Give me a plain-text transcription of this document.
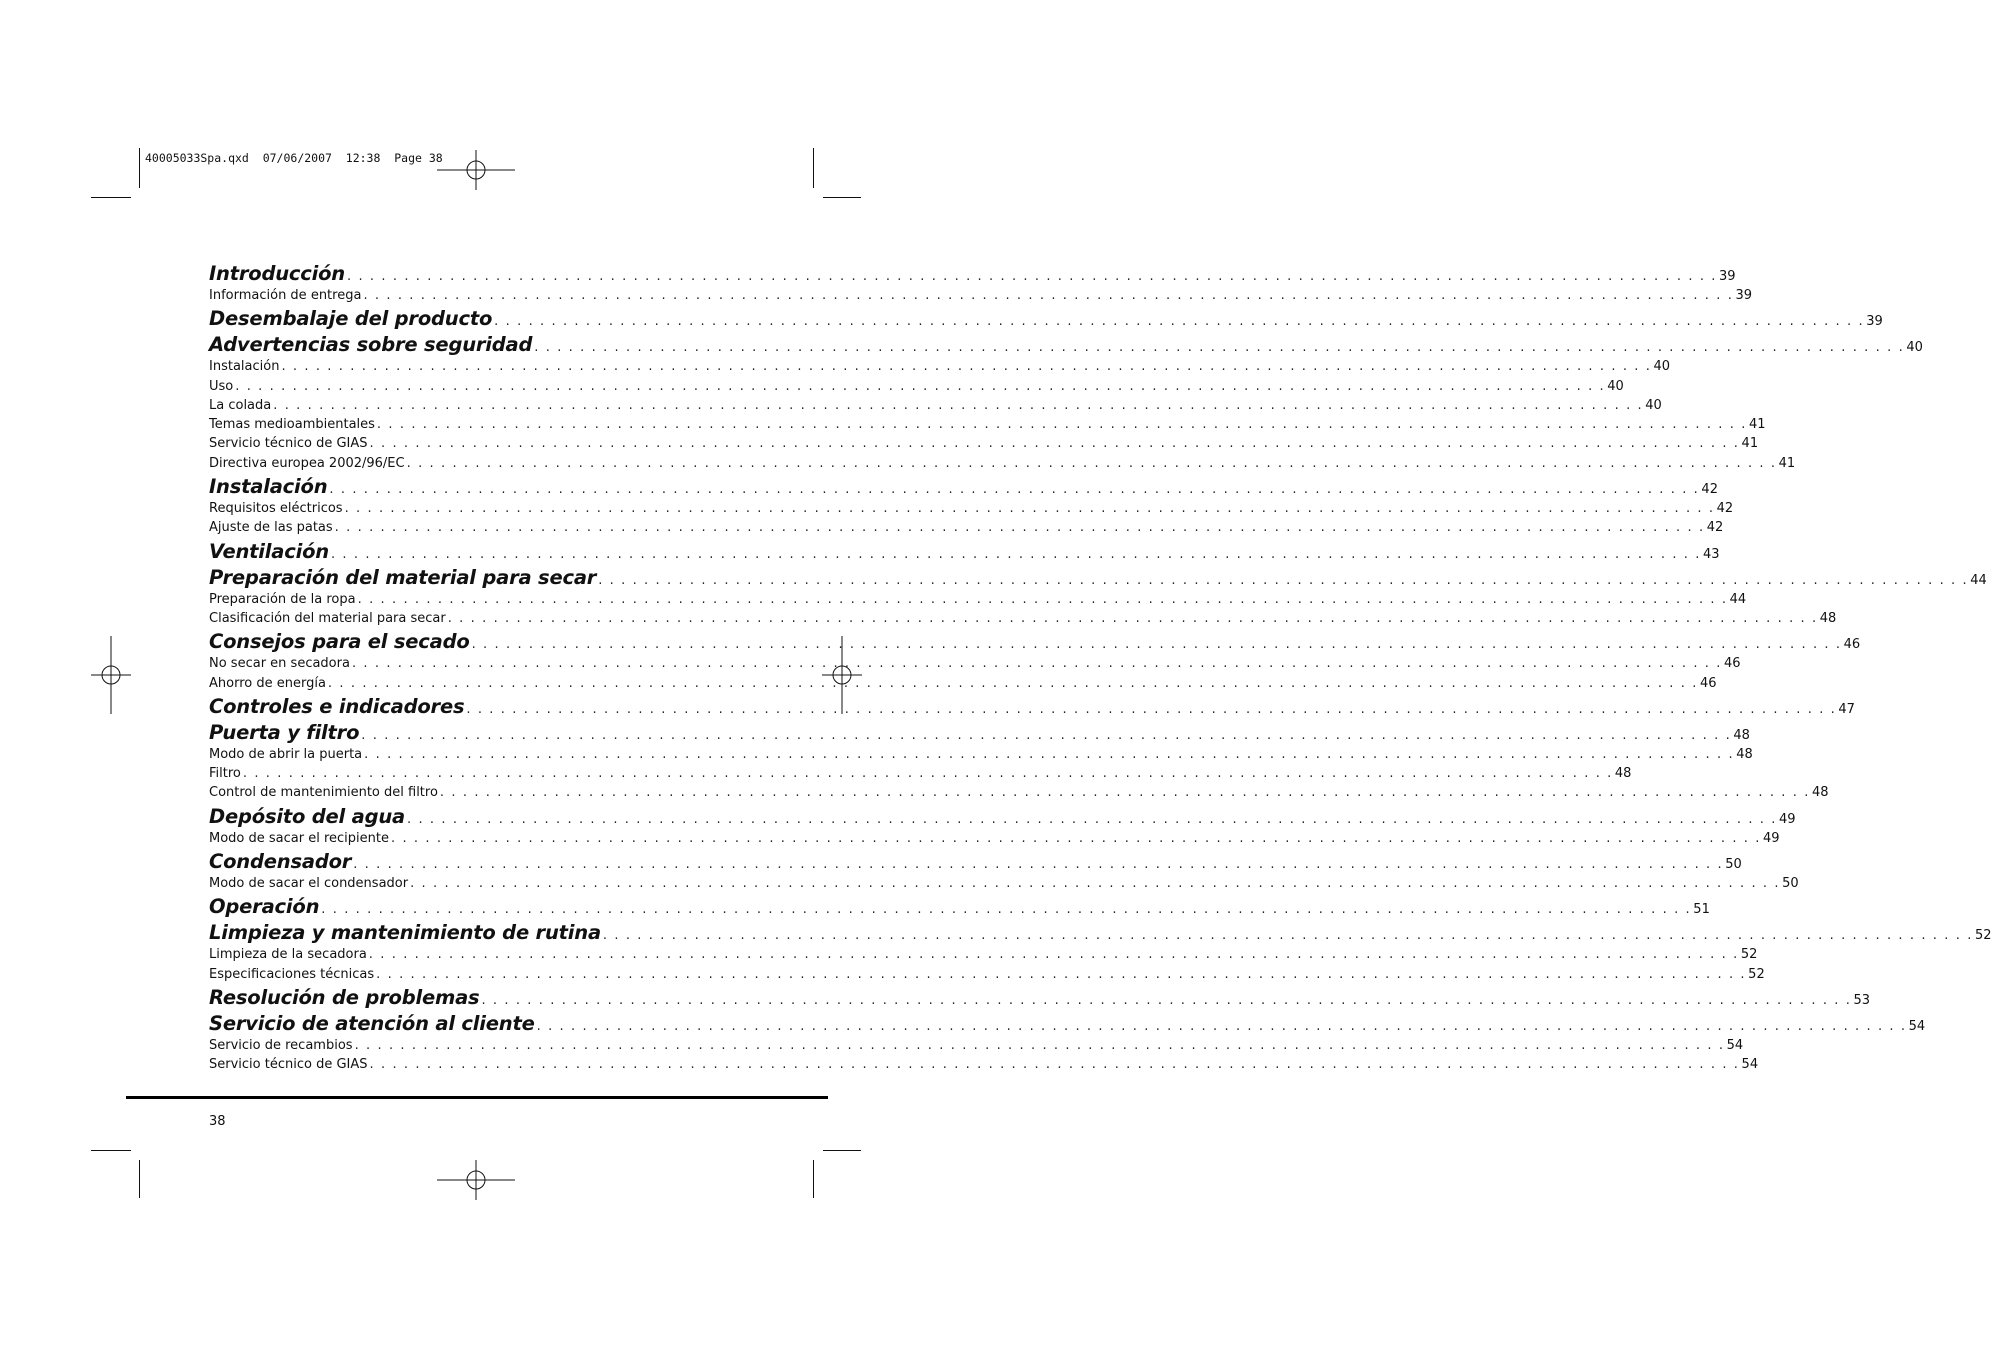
40005033Spa.qxd  07/06/2007  12:38  Page 38
Introducción . . . . . . . . . . . . . . . . . . . . . . . . . . . . . . . . . . . . . . . . . . . . . . . . . . . . . . . . . . . . . . . . . . . . . . . . . . . . . . . . . . . . . . . . . . . . . . . . . . . . . . . . . . . . . . . . . . . . . . . . 39
Información de entrega . . . . . . . . . . . . . . . . . . . . . . . . . . . . . . . . . . . . . . . . . . . . . . . . . . . . . . . . . . . . . . . . . . . . . . . . . . . . . . . . . . . . . . . . . . . . . . . . . . . . . . . . . . . . . . . . . . . . . . . . 39
Desembalaje del producto . . . . . . . . . . . . . . . . . . . . . . . . . . . . . . . . . . . . . . . . . . . . . . . . . . . . . . . . . . . . . . . . . . . . . . . . . . . . . . . . . . . . . . . . . . . . . . . . . . . . . . . . . . . . . . . . . . . . . . . . 39
Advertencias sobre seguridad . . . . . . . . . . . . . . . . . . . . . . . . . . . . . . . . . . . . . . . . . . . . . . . . . . . . . . . . . . . . . . . . . . . . . . . . . . . . . . . . . . . . . . . . . . . . . . . . . . . . . . . . . . . . . . . . . . . . . . . . 40
Instalación . . . . . . . . . . . . . . . . . . . . . . . . . . . . . . . . . . . . . . . . . . . . . . . . . . . . . . . . . . . . . . . . . . . . . . . . . . . . . . . . . . . . . . . . . . . . . . . . . . . . . . . . . . . . . . . . . . . . . . . . 40
Uso . . . . . . . . . . . . . . . . . . . . . . . . . . . . . . . . . . . . . . . . . . . . . . . . . . . . . . . . . . . . . . . . . . . . . . . . . . . . . . . . . . . . . . . . . . . . . . . . . . . . . . . . . . . . . . . . . . . . . . . . 40
La colada . . . . . . . . . . . . . . . . . . . . . . . . . . . . . . . . . . . . . . . . . . . . . . . . . . . . . . . . . . . . . . . . . . . . . . . . . . . . . . . . . . . . . . . . . . . . . . . . . . . . . . . . . . . . . . . . . . . . . . . . 40
Temas medioambientales . . . . . . . . . . . . . . . . . . . . . . . . . . . . . . . . . . . . . . . . . . . . . . . . . . . . . . . . . . . . . . . . . . . . . . . . . . . . . . . . . . . . . . . . . . . . . . . . . . . . . . . . . . . . . . . . . . . . . . . . 41
Servicio técnico de GIAS . . . . . . . . . . . . . . . . . . . . . . . . . . . . . . . . . . . . . . . . . . . . . . . . . . . . . . . . . . . . . . . . . . . . . . . . . . . . . . . . . . . . . . . . . . . . . . . . . . . . . . . . . . . . . . . . . . . . . . . . 41
Directiva europea 2002/96/EC . . . . . . . . . . . . . . . . . . . . . . . . . . . . . . . . . . . . . . . . . . . . . . . . . . . . . . . . . . . . . . . . . . . . . . . . . . . . . . . . . . . . . . . . . . . . . . . . . . . . . . . . . . . . . . . . . . . . . . . . 41
Instalación . . . . . . . . . . . . . . . . . . . . . . . . . . . . . . . . . . . . . . . . . . . . . . . . . . . . . . . . . . . . . . . . . . . . . . . . . . . . . . . . . . . . . . . . . . . . . . . . . . . . . . . . . . . . . . . . . . . . . . . . 42
Requisitos eléctricos . . . . . . . . . . . . . . . . . . . . . . . . . . . . . . . . . . . . . . . . . . . . . . . . . . . . . . . . . . . . . . . . . . . . . . . . . . . . . . . . . . . . . . . . . . . . . . . . . . . . . . . . . . . . . . . . . . . . . . . . 42
Ajuste de las patas . . . . . . . . . . . . . . . . . . . . . . . . . . . . . . . . . . . . . . . . . . . . . . . . . . . . . . . . . . . . . . . . . . . . . . . . . . . . . . . . . . . . . . . . . . . . . . . . . . . . . . . . . . . . . . . . . . . . . . . . 42
Ventilación . . . . . . . . . . . . . . . . . . . . . . . . . . . . . . . . . . . . . . . . . . . . . . . . . . . . . . . . . . . . . . . . . . . . . . . . . . . . . . . . . . . . . . . . . . . . . . . . . . . . . . . . . . . . . . . . . . . . . . . . 43
Preparación del material para secar . . . . . . . . . . . . . . . . . . . . . . . . . . . . . . . . . . . . . . . . . . . . . . . . . . . . . . . . . . . . . . . . . . . . . . . . . . . . . . . . . . . . . . . . . . . . . . . . . . . . . . . . . . . . . . . . . . . . . . . . 44
Preparación de la ropa . . . . . . . . . . . . . . . . . . . . . . . . . . . . . . . . . . . . . . . . . . . . . . . . . . . . . . . . . . . . . . . . . . . . . . . . . . . . . . . . . . . . . . . . . . . . . . . . . . . . . . . . . . . . . . . . . . . . . . . . 44
Clasificación del material para secar . . . . . . . . . . . . . . . . . . . . . . . . . . . . . . . . . . . . . . . . . . . . . . . . . . . . . . . . . . . . . . . . . . . . . . . . . . . . . . . . . . . . . . . . . . . . . . . . . . . . . . . . . . . . . . . . . . . . . . . . 48
Consejos para el secado . . . . . . . . . . . . . . . . . . . . . . . . . . . . . . . . . . . . . . . . . . . . . . . . . . . . . . . . . . . . . . . . . . . . . . . . . . . . . . . . . . . . . . . . . . . . . . . . . . . . . . . . . . . . . . . . . . . . . . . . 46
No secar en secadora . . . . . . . . . . . . . . . . . . . . . . . . . . . . . . . . . . . . . . . . . . . . . . . . . . . . . . . . . . . . . . . . . . . . . . . . . . . . . . . . . . . . . . . . . . . . . . . . . . . . . . . . . . . . . . . . . . . . . . . . 46
Ahorro de energía . . . . . . . . . . . . . . . . . . . . . . . . . . . . . . . . . . . . . . . . . . . . . . . . . . . . . . . . . . . . . . . . . . . . . . . . . . . . . . . . . . . . . . . . . . . . . . . . . . . . . . . . . . . . . . . . . . . . . . . . 46
Controles e indicadores . . . . . . . . . . . . . . . . . . . . . . . . . . . . . . . . . . . . . . . . . . . . . . . . . . . . . . . . . . . . . . . . . . . . . . . . . . . . . . . . . . . . . . . . . . . . . . . . . . . . . . . . . . . . . . . . . . . . . . . . 47
Puerta y filtro . . . . . . . . . . . . . . . . . . . . . . . . . . . . . . . . . . . . . . . . . . . . . . . . . . . . . . . . . . . . . . . . . . . . . . . . . . . . . . . . . . . . . . . . . . . . . . . . . . . . . . . . . . . . . . . . . . . . . . . . 48
Modo de abrir la puerta . . . . . . . . . . . . . . . . . . . . . . . . . . . . . . . . . . . . . . . . . . . . . . . . . . . . . . . . . . . . . . . . . . . . . . . . . . . . . . . . . . . . . . . . . . . . . . . . . . . . . . . . . . . . . . . . . . . . . . . . 48
Filtro . . . . . . . . . . . . . . . . . . . . . . . . . . . . . . . . . . . . . . . . . . . . . . . . . . . . . . . . . . . . . . . . . . . . . . . . . . . . . . . . . . . . . . . . . . . . . . . . . . . . . . . . . . . . . . . . . . . . . . . . 48
Control de mantenimiento del filtro . . . . . . . . . . . . . . . . . . . . . . . . . . . . . . . . . . . . . . . . . . . . . . . . . . . . . . . . . . . . . . . . . . . . . . . . . . . . . . . . . . . . . . . . . . . . . . . . . . . . . . . . . . . . . . . . . . . . . . . . 48
Depósito del agua . . . . . . . . . . . . . . . . . . . . . . . . . . . . . . . . . . . . . . . . . . . . . . . . . . . . . . . . . . . . . . . . . . . . . . . . . . . . . . . . . . . . . . . . . . . . . . . . . . . . . . . . . . . . . . . . . . . . . . . . 49
Modo de sacar el recipiente . . . . . . . . . . . . . . . . . . . . . . . . . . . . . . . . . . . . . . . . . . . . . . . . . . . . . . . . . . . . . . . . . . . . . . . . . . . . . . . . . . . . . . . . . . . . . . . . . . . . . . . . . . . . . . . . . . . . . . . . 49
Condensador . . . . . . . . . . . . . . . . . . . . . . . . . . . . . . . . . . . . . . . . . . . . . . . . . . . . . . . . . . . . . . . . . . . . . . . . . . . . . . . . . . . . . . . . . . . . . . . . . . . . . . . . . . . . . . . . . . . . . . . . 50
Modo de sacar el condensador . . . . . . . . . . . . . . . . . . . . . . . . . . . . . . . . . . . . . . . . . . . . . . . . . . . . . . . . . . . . . . . . . . . . . . . . . . . . . . . . . . . . . . . . . . . . . . . . . . . . . . . . . . . . . . . . . . . . . . . . 50
Operación . . . . . . . . . . . . . . . . . . . . . . . . . . . . . . . . . . . . . . . . . . . . . . . . . . . . . . . . . . . . . . . . . . . . . . . . . . . . . . . . . . . . . . . . . . . . . . . . . . . . . . . . . . . . . . . . . . . . . . . . 51
Limpieza y mantenimiento de rutina . . . . . . . . . . . . . . . . . . . . . . . . . . . . . . . . . . . . . . . . . . . . . . . . . . . . . . . . . . . . . . . . . . . . . . . . . . . . . . . . . . . . . . . . . . . . . . . . . . . . . . . . . . . . . . . . . . . . . . . . 52
Limpieza de la secadora . . . . . . . . . . . . . . . . . . . . . . . . . . . . . . . . . . . . . . . . . . . . . . . . . . . . . . . . . . . . . . . . . . . . . . . . . . . . . . . . . . . . . . . . . . . . . . . . . . . . . . . . . . . . . . . . . . . . . . . . 52
Especificaciones técnicas . . . . . . . . . . . . . . . . . . . . . . . . . . . . . . . . . . . . . . . . . . . . . . . . . . . . . . . . . . . . . . . . . . . . . . . . . . . . . . . . . . . . . . . . . . . . . . . . . . . . . . . . . . . . . . . . . . . . . . . . 52
Resolución de problemas . . . . . . . . . . . . . . . . . . . . . . . . . . . . . . . . . . . . . . . . . . . . . . . . . . . . . . . . . . . . . . . . . . . . . . . . . . . . . . . . . . . . . . . . . . . . . . . . . . . . . . . . . . . . . . . . . . . . . . . . 53
Servicio de atención al cliente . . . . . . . . . . . . . . . . . . . . . . . . . . . . . . . . . . . . . . . . . . . . . . . . . . . . . . . . . . . . . . . . . . . . . . . . . . . . . . . . . . . . . . . . . . . . . . . . . . . . . . . . . . . . . . . . . . . . . . . . 54
Servicio de recambios . . . . . . . . . . . . . . . . . . . . . . . . . . . . . . . . . . . . . . . . . . . . . . . . . . . . . . . . . . . . . . . . . . . . . . . . . . . . . . . . . . . . . . . . . . . . . . . . . . . . . . . . . . . . . . . . . . . . . . . . 54
Servicio técnico de GIAS . . . . . . . . . . . . . . . . . . . . . . . . . . . . . . . . . . . . . . . . . . . . . . . . . . . . . . . . . . . . . . . . . . . . . . . . . . . . . . . . . . . . . . . . . . . . . . . . . . . . . . . . . . . . . . . . . . . . . . . . 54
38
